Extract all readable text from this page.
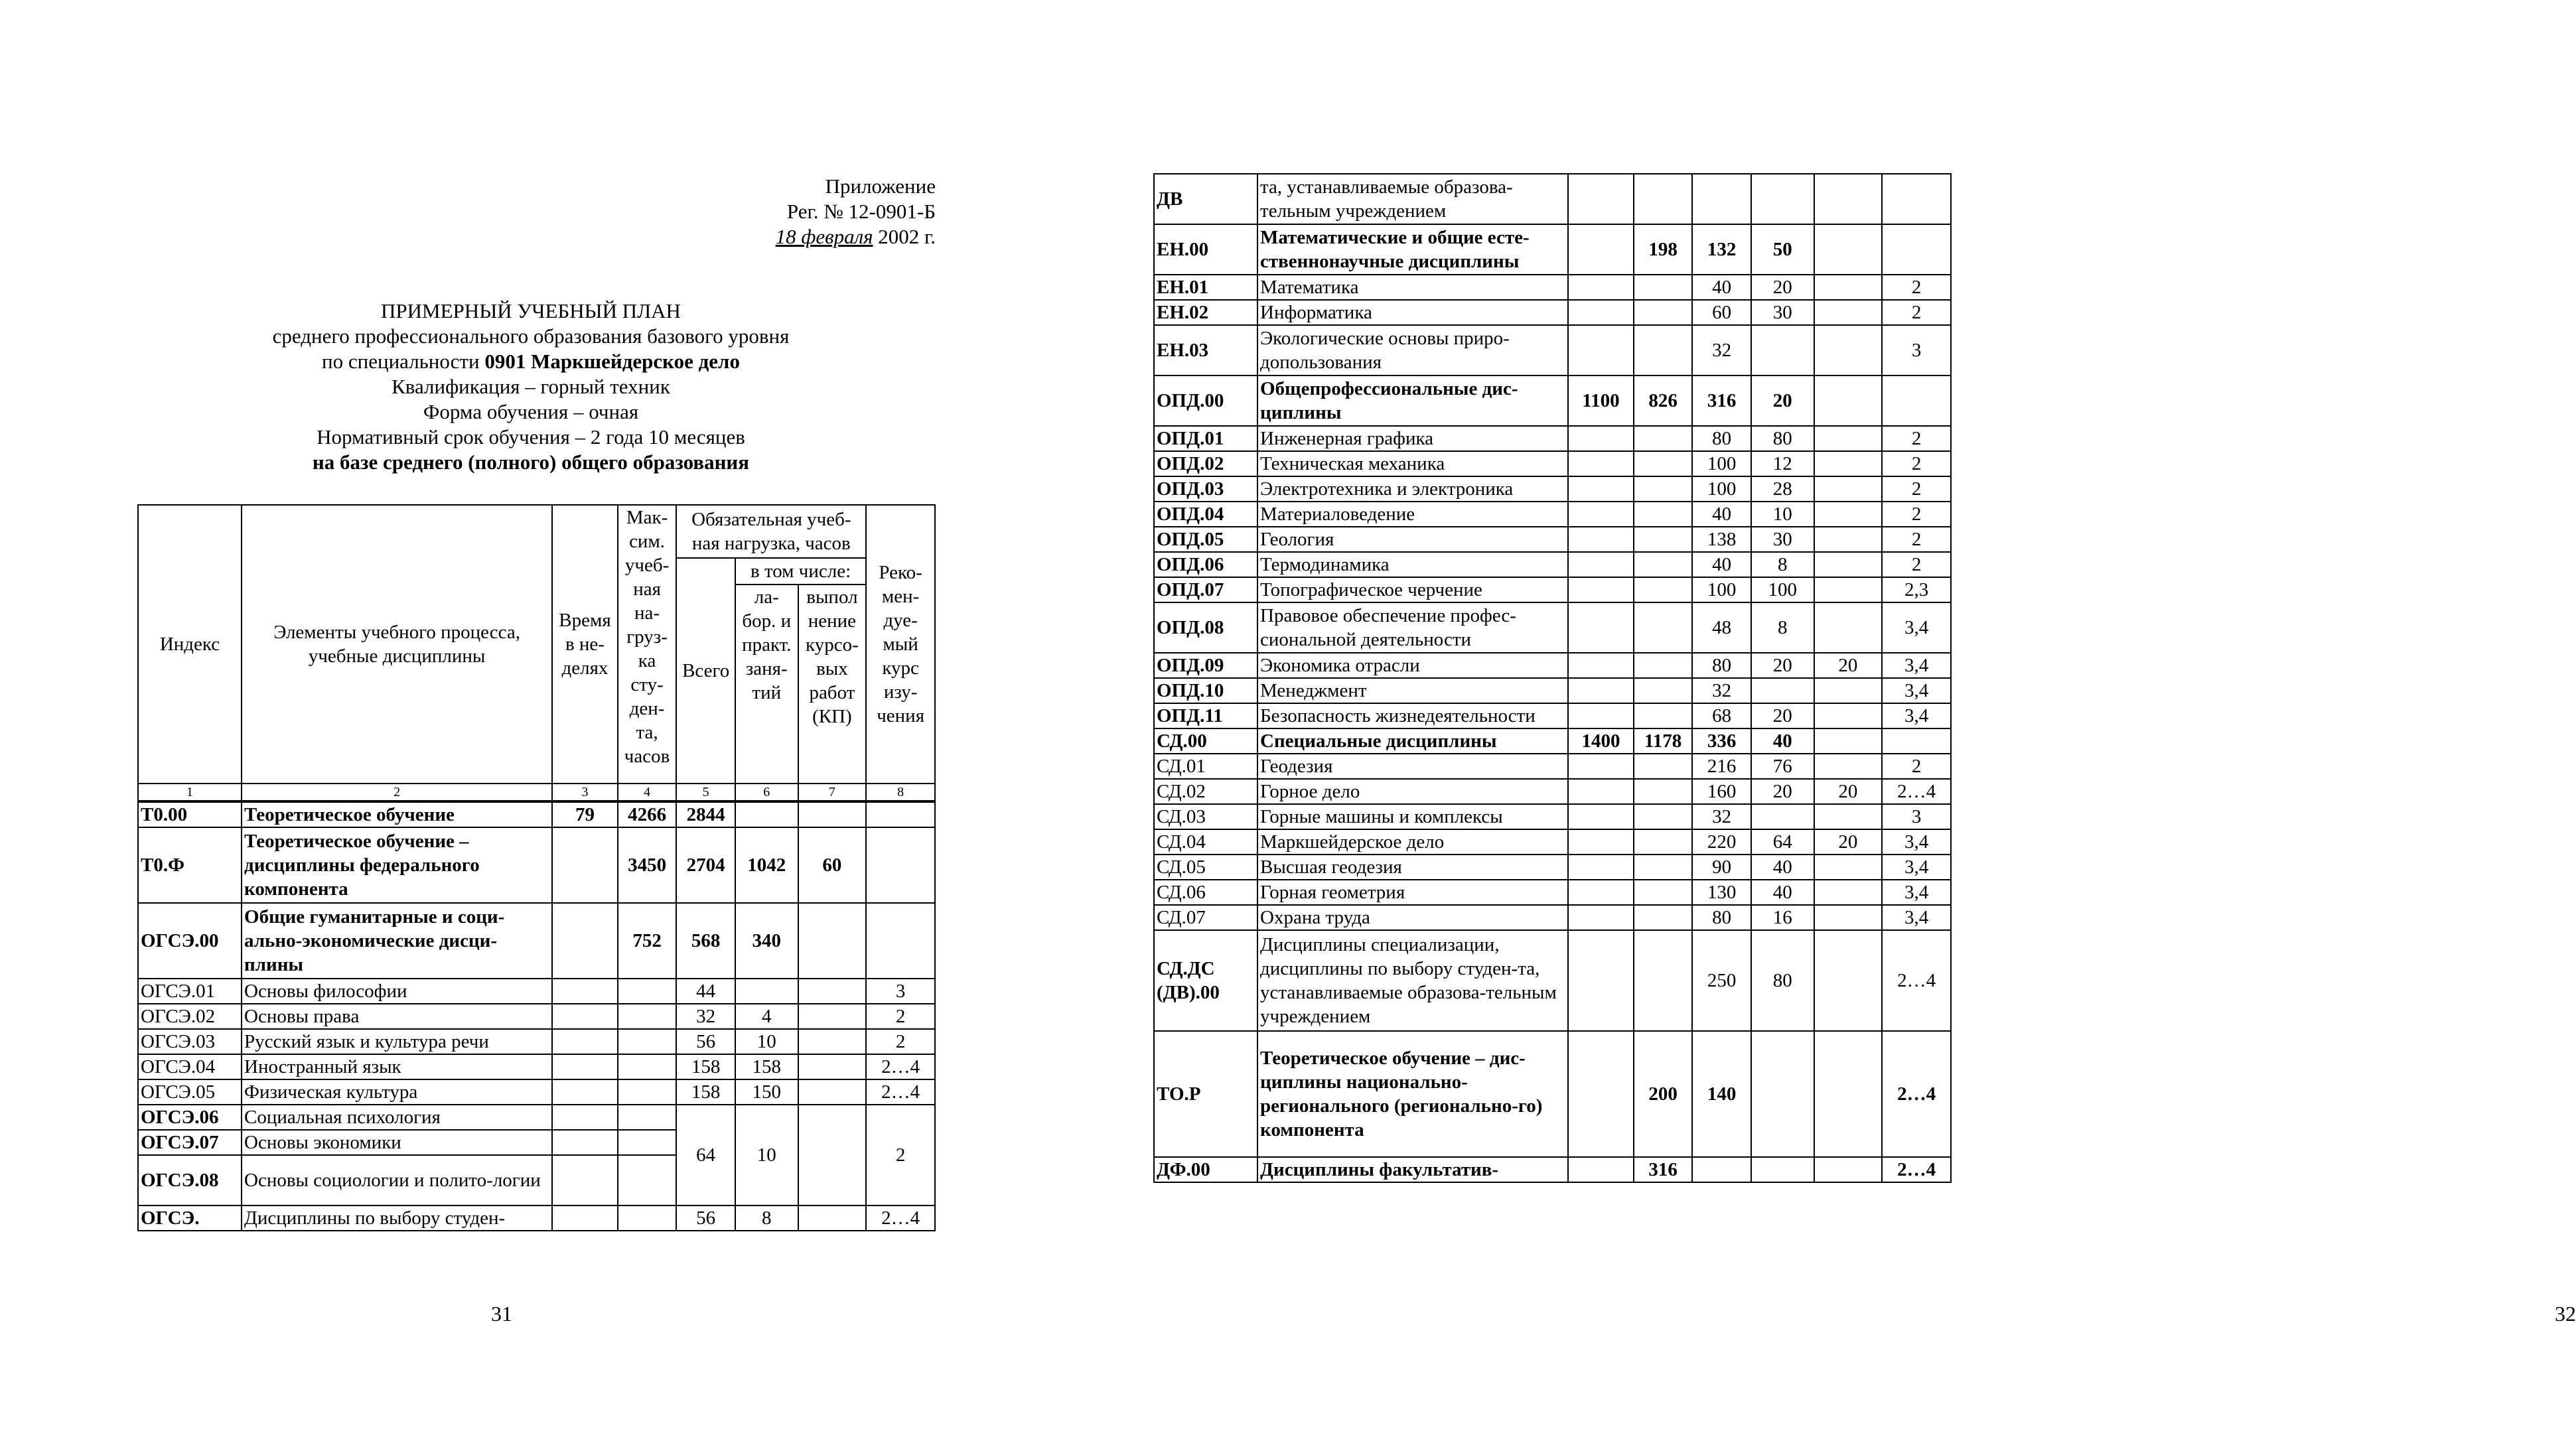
Приложение
Рег. № 12-0901-Б
18 февраля 2002 г.
ПРИМЕРНЫЙ УЧЕБНЫЙ ПЛАН
среднего профессионального образования базового уровня
по специальности 0901 Маркшейдерское дело
Квалификация – горный техник
Форма обучения – очная
Нормативный срок обучения – 2 года 10 месяцев
на базе среднего (полного) общего образования
Индекс	Элементы учебного процесса, учебные дисциплины	Время в не-делях	Мак-сим. учеб-ная на-груз-ка сту-ден-та, часов	Обязательная учеб-ная нагрузка, часов			Реко-мен-дуе-мый курс изу-чения
				Всего	в том числе:		
					ла-бор. и практ. заня-тий	выпол нение курсо-вых работ (КП)	
1	2	3	4	5	6	7	8
Т0.00	Теоретическое обучение	79	4266	2844			
Т0.Ф	Теоретическое обучение – дисциплины федерального компонента		3450	2704	1042	60	
ОГСЭ.00	Общие гуманитарные и соци-ально-экономические дисци-плины		752	568	340		
ОГСЭ.01	Основы философии			44			3
ОГСЭ.02	Основы права			32	4		2
ОГСЭ.03	Русский язык и культура речи			56	10		2
ОГСЭ.04	Иностранный язык			158	158		2…4
ОГСЭ.05	Физическая культура			158	150		2…4
ОГСЭ.06	Социальная психология			64	10		2
ОГСЭ.07	Основы экономики						
ОГСЭ.08	Основы социологии и полито-логии						
ОГСЭ.	Дисциплины по выбору студен-			56	8		2…4
31	32
ДВ	та, устанавливаемые образова-тельным учреждением						
ЕН.00	Математические и общие есте-ственнонаучные дисциплины		198	132	50		
ЕН.01	Математика			40	20		2
ЕН.02	Информатика			60	30		2
ЕН.03	Экологические основы приро-допользования			32			3
ОПД.00	Общепрофессиональные дис-циплины	1100	826	316	20		
ОПД.01	Инженерная графика			80	80		2
ОПД.02	Техническая механика			100	12		2
ОПД.03	Электротехника и электроника			100	28		2
ОПД.04	Материаловедение			40	10		2
ОПД.05	Геология			138	30		2
ОПД.06	Термодинамика			40	8		2
ОПД.07	Топографическое черчение			100	100		2,3
ОПД.08	Правовое обеспечение профес-сиональной деятельности			48	8		3,4
ОПД.09	Экономика отрасли			80	20	20	3,4
ОПД.10	Менеджмент			32			3,4
ОПД.11	Безопасность жизнедеятельности			68	20		3,4
СД.00	Специальные дисциплины	1400	1178	336	40		
СД.01	Геодезия			216	76		2
СД.02	Горное дело			160	20	20	2…4
СД.03	Горные машины и комплексы			32			3
СД.04	Маркшейдерское дело			220	64	20	3,4
СД.05	Высшая геодезия			90	40		3,4
СД.06	Горная геометрия			130	40		3,4
СД.07	Охрана труда			80	16		3,4
СД.ДС (ДВ).00	Дисциплины специализации, дисциплины по выбору студен-та, устанавливаемые образова-тельным учреждением			250	80		2…4
ТО.Р	Теоретическое обучение – дис-циплины национально-регионального (регионально-го) компонента		200	140			2…4
ДФ.00	Дисциплины факультатив-		316				2…4
